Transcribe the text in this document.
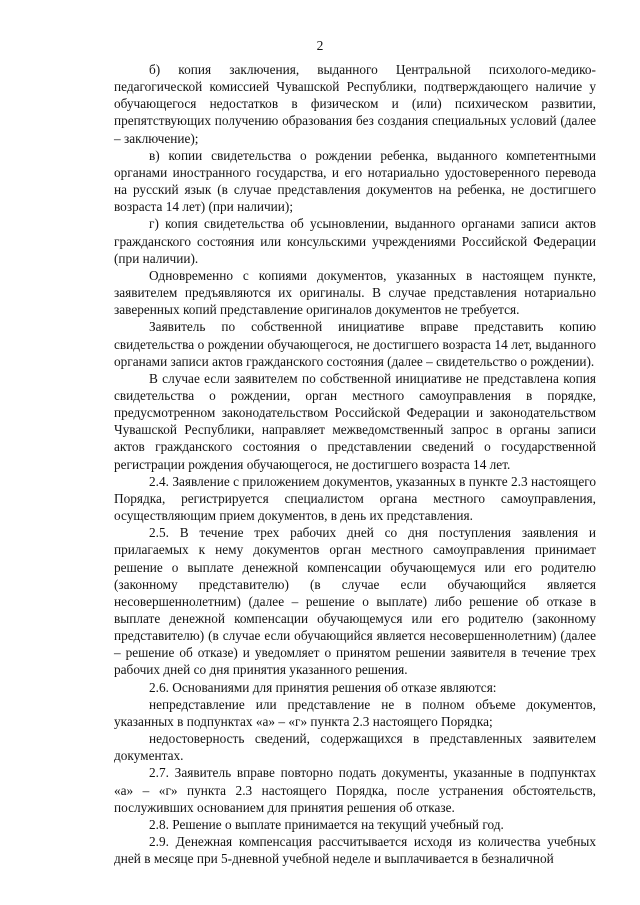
2

б) копия заключения, выданного Центральной психолого-медико-педагогической комиссией Чувашской Республики, подтверждающего наличие у обучающегося недостатков в физическом и (или) психическом развитии, препятствующих получению образования без создания специальных условий (далее – заключение);

в) копии свидетельства о рождении ребенка, выданного компетентными органами иностранного государства, и его нотариально удостоверенного перевода на русский язык (в случае представления документов на ребенка, не достигшего возраста 14 лет) (при наличии);

г) копия свидетельства об усыновлении, выданного органами записи актов гражданского состояния или консульскими учреждениями Российской Федерации (при наличии).

Одновременно с копиями документов, указанных в настоящем пункте, заявителем предъявляются их оригиналы. В случае представления нотариально заверенных копий представление оригиналов документов не требуется.

Заявитель по собственной инициативе вправе представить копию свидетельства о рождении обучающегося, не достигшего возраста 14 лет, выданного органами записи актов гражданского состояния (далее – свидетельство о рождении).

В случае если заявителем по собственной инициативе не представлена копия свидетельства о рождении, орган местного самоуправления в порядке, предусмотренном законодательством Российской Федерации и законодательством Чувашской Республики, направляет межведомственный запрос в органы записи актов гражданского состояния о представлении сведений о государственной регистрации рождения обучающегося, не достигшего возраста 14 лет.

2.4. Заявление с приложением документов, указанных в пункте 2.3 настоящего Порядка, регистрируется специалистом органа местного самоуправления, осуществляющим прием документов, в день их представления.

2.5. В течение трех рабочих дней со дня поступления заявления и прилагаемых к нему документов орган местного самоуправления принимает решение о выплате денежной компенсации обучающемуся или его родителю (законному представителю) (в случае если обучающийся является несовершеннолетним) (далее – решение о выплате) либо решение об отказе в выплате денежной компенсации обучающемуся или его родителю (законному представителю) (в случае если обучающийся является несовершеннолетним) (далее – решение об отказе) и уведомляет о принятом решении заявителя в течение трех рабочих дней со дня принятия указанного решения.

2.6. Основаниями для принятия решения об отказе являются:

непредставление или представление не в полном объеме документов, указанных в подпунктах «а» – «г» пункта 2.3 настоящего Порядка;

недостоверность сведений, содержащихся в представленных заявителем документах.

2.7. Заявитель вправе повторно подать документы, указанные в подпунктах «а» – «г» пункта 2.3 настоящего Порядка, после устранения обстоятельств, послуживших основанием для принятия решения об отказе.

2.8. Решение о выплате принимается на текущий учебный год.

2.9. Денежная компенсация рассчитывается исходя из количества учебных дней в месяце при 5-дневной учебной неделе и выплачивается в безналичной
